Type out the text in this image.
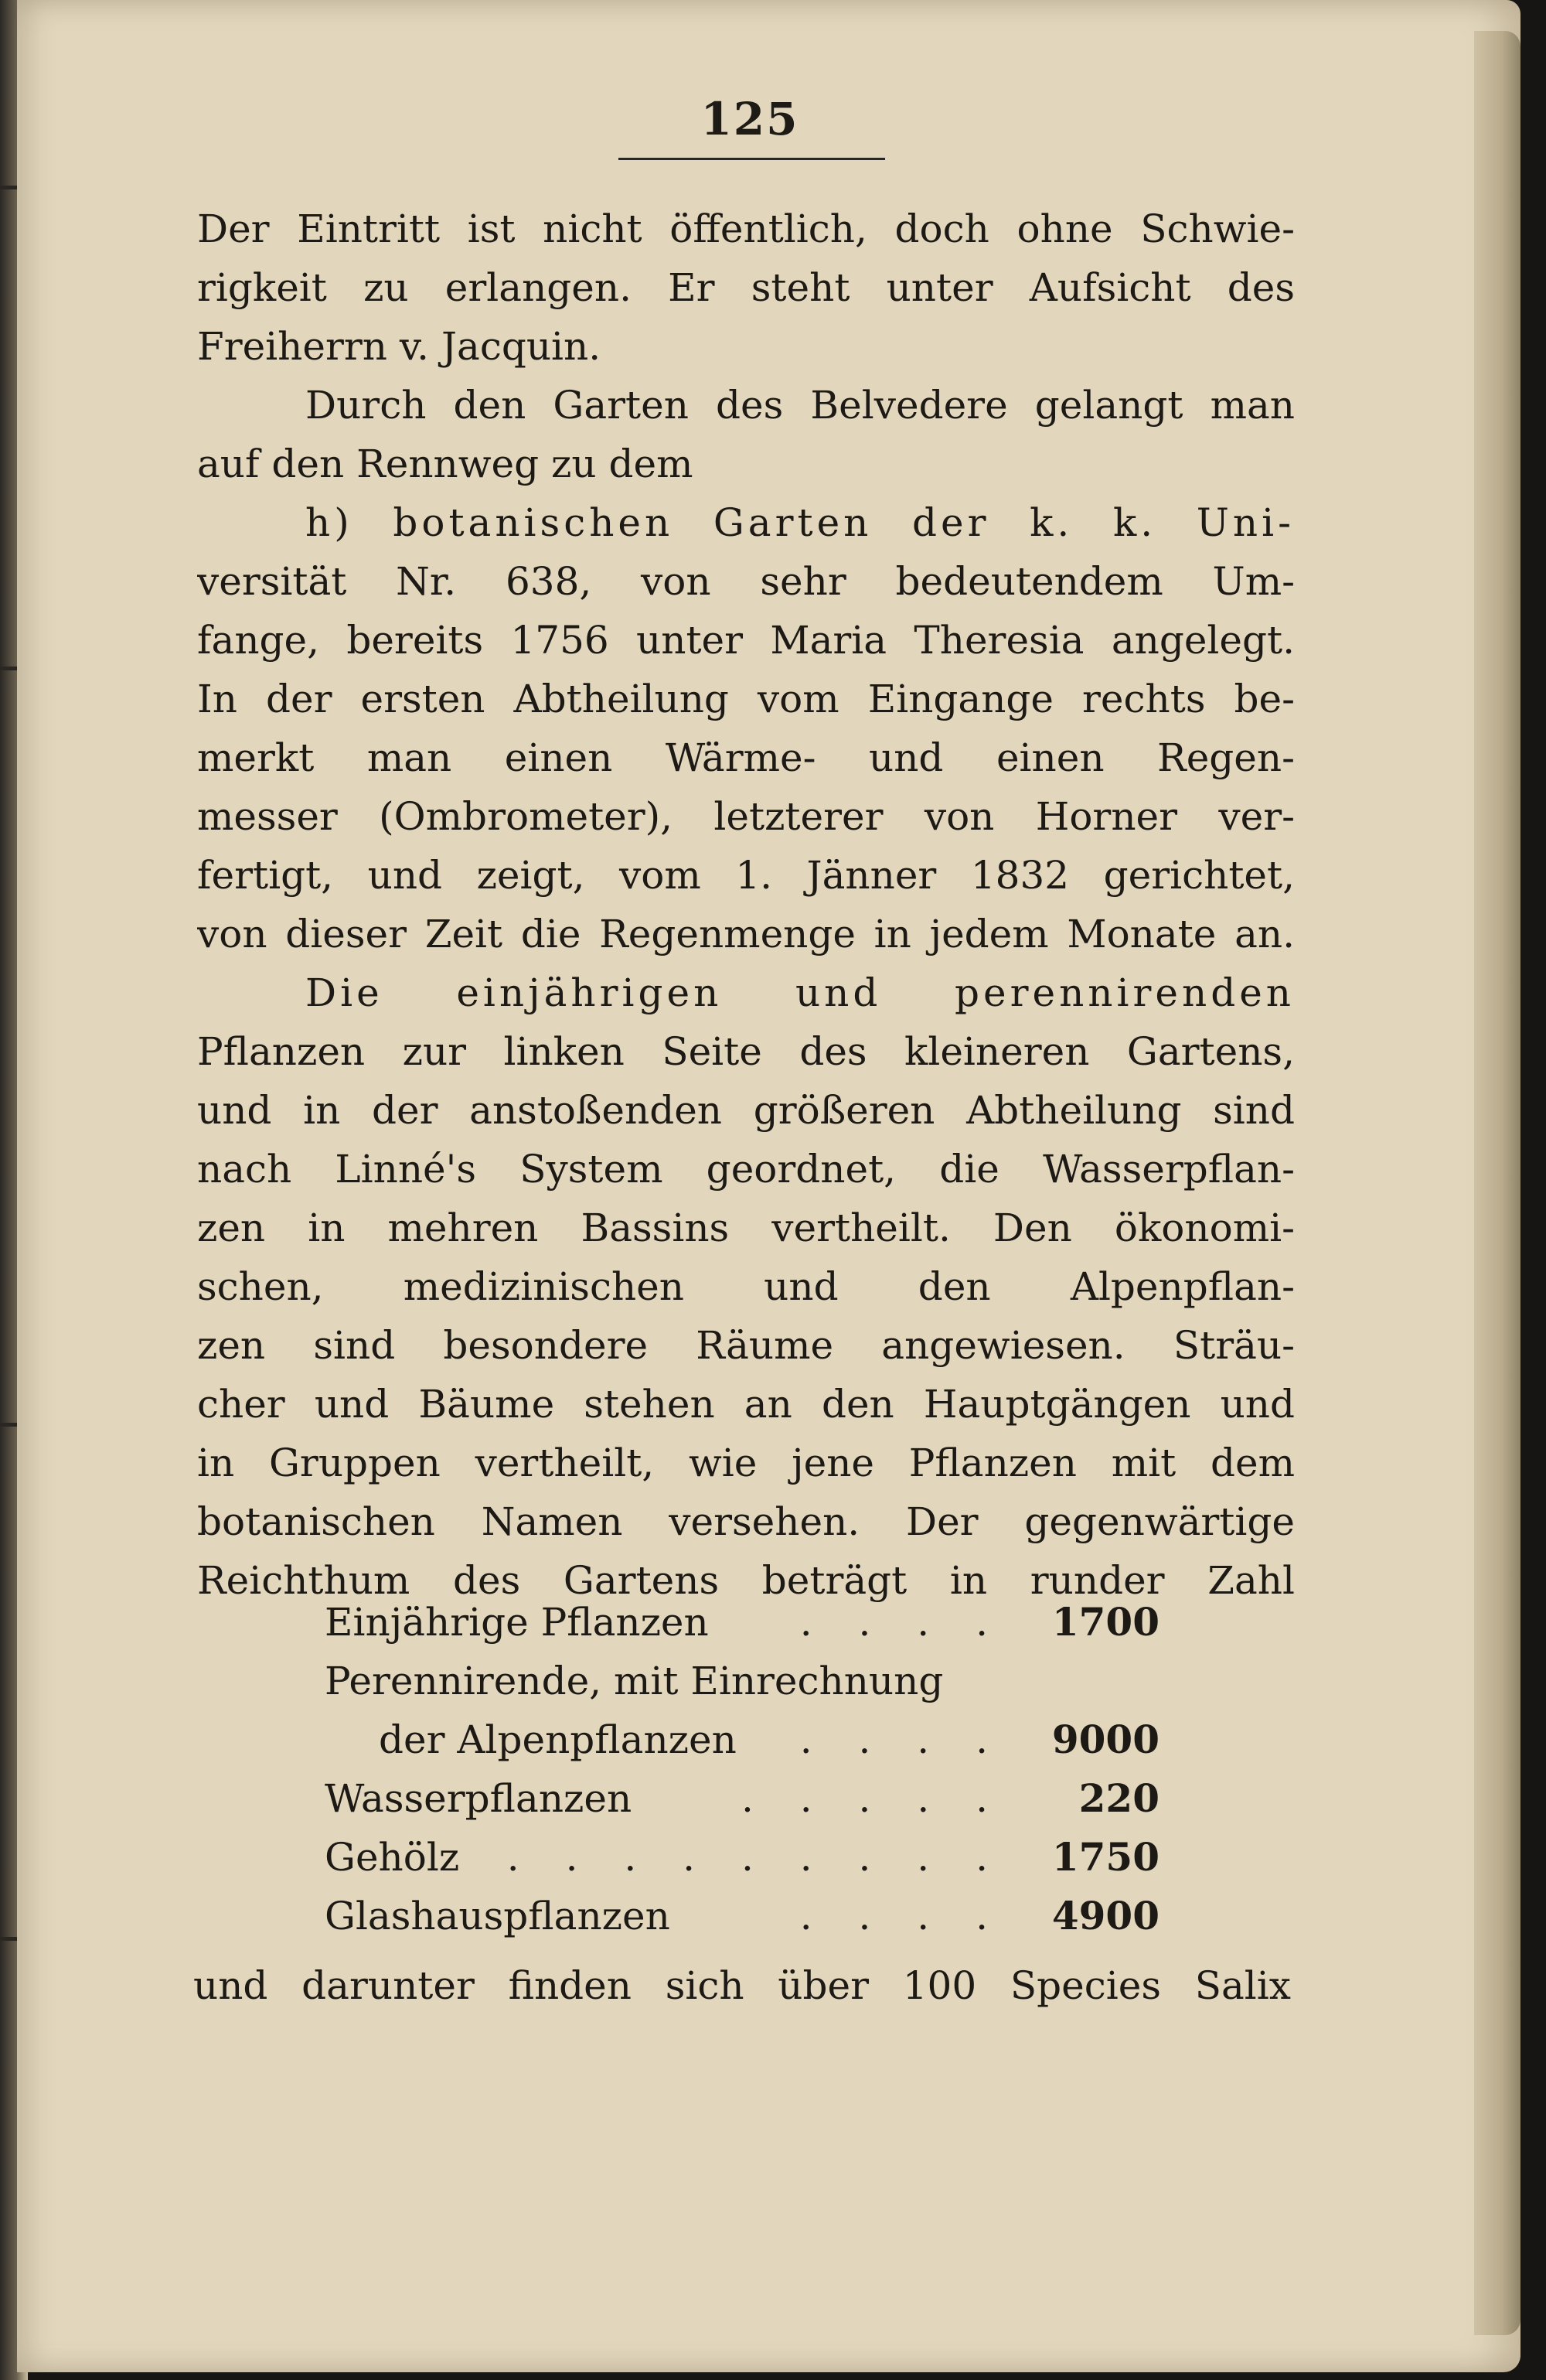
125
Der Eintritt ist nicht öffentlich, doch ohne Schwie-
rigkeit zu erlangen. Er steht unter Aufsicht des
Freiherrn v. Jacquin.
Durch den Garten des Belvedere gelangt man
auf den Rennweg zu dem
h) botanischen Garten der k. k. Uni-
versität Nr. 638, von sehr bedeutendem Um-
fange, bereits 1756 unter Maria Theresia angelegt.
In der ersten Abtheilung vom Eingange rechts be-
merkt man einen Wärme- und einen Regen-
messer (Ombrometer), letzterer von Horner ver-
fertigt, und zeigt, vom 1. Jänner 1832 gerichtet,
von dieser Zeit die Regenmenge in jedem Monate an.
Die einjährigen und perennirenden
Pflanzen zur linken Seite des kleineren Gartens,
und in der anstoßenden größeren Abtheilung sind
nach Linné's System geordnet, die Wasserpflan-
zen in mehren Bassins vertheilt. Den ökonomi-
schen, medizinischen und den Alpenpflan-
zen sind besondere Räume angewiesen. Sträu-
cher und Bäume stehen an den Hauptgängen und
in Gruppen vertheilt, wie jene Pflanzen mit dem
botanischen Namen versehen. Der gegenwärtige
Reichthum des Gartens beträgt in runder Zahl
Einjährige Pflanzen . . . .	1700
Perennirende, mit Einrechnung
der Alpenpflanzen . . . .	9000
Wasserpflanzen	. . . . .	220
Gehölz . . . . . . . . .	1750
Glashauspflanzen	. . . .	4900
und darunter finden sich über 100 Species Salix
